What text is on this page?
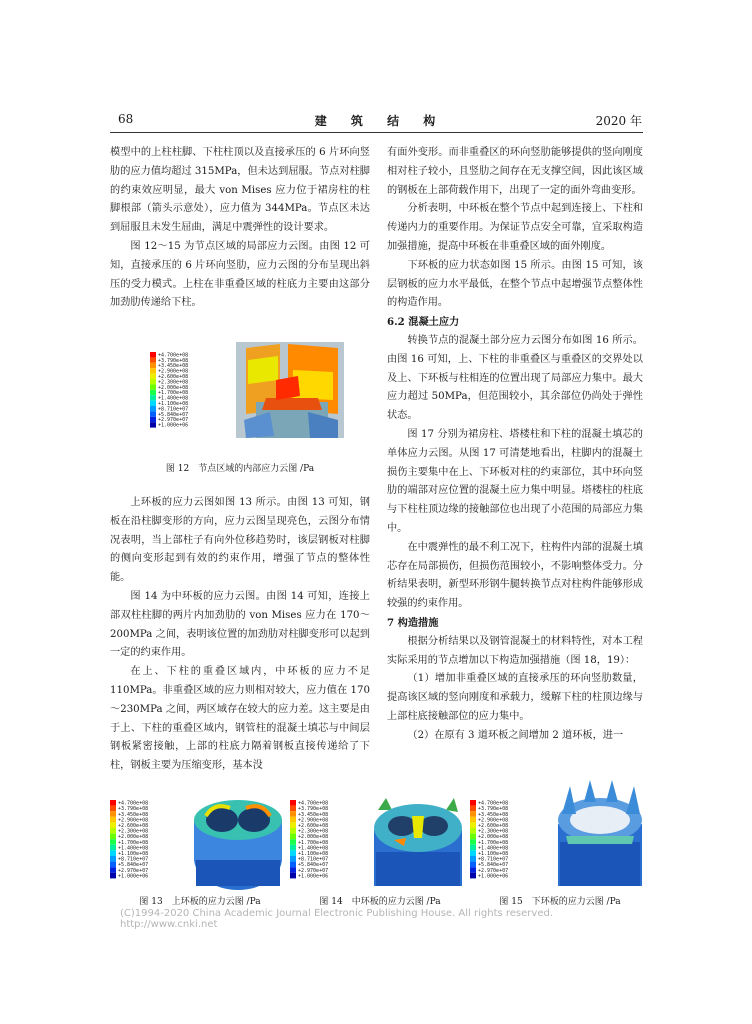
68	建 筑 结 构	2020 年

模型中的上柱柱脚、下柱柱顶以及直接承压的 6 片环向竖肋的应力值均超过 315MPa，但未达到屈服。节点对柱脚的约束效应明显，最大 von Mises 应力位于裙房柱的柱脚根部（箭头示意处），应力值为 344MPa。节点区未达到屈服且未发生屈曲，满足中震弹性的设计要求。

图 12～15 为节点区域的局部应力云图。由图 12 可知，直接承压的 6 片环向竖肋，应力云图的分布呈现出斜压的受力模式。上柱在非重叠区域的柱底力主要由这部分加劲肋传递给下柱。

+4.700e+08
+3.790e+08
+3.450e+08
+2.900e+08
+2.600e+08
+2.300e+08
+2.000e+08
+1.700e+08
+1.400e+08
+1.100e+08
+8.710e+07
+5.840e+07
+2.970e+07
+1.000e+06
图 12　节点区域的内部应力云图 /Pa

上环板的应力云图如图 13 所示。由图 13 可知，钢板在沿柱脚变形的方向，应力云图呈现亮色，云图分布情况表明，当上部柱子有向外位移趋势时，该层钢板对柱脚的侧向变形起到有效的约束作用，增强了节点的整体性能。

图 14 为中环板的应力云图。由图 14 可知，连接上部双柱柱脚的两片内加劲肋的 von Mises 应力在 170～200MPa 之间，表明该位置的加劲肋对柱脚变形可以起到一定的约束作用。

在上、下柱的重叠区域内，中环板的应力不足 110MPa。非重叠区域的应力则相对较大，应力值在 170～230MPa 之间，两区域存在较大的应力差。这主要是由于上、下柱的重叠区域内，钢管柱的混凝土填芯与中间层钢板紧密接触，上部的柱底力隔着钢板直接传递给了下柱，钢板主要为压缩变形，基本没

有面外变形。而非重叠区的环向竖肋能够提供的竖向刚度相对柱子较小，且竖肋之间存在无支撑空间，因此该区域的钢板在上部荷载作用下，出现了一定的面外弯曲变形。

分析表明，中环板在整个节点中起到连接上、下柱和传递内力的重要作用。为保证节点安全可靠，宜采取构造加强措施，提高中环板在非重叠区域的面外刚度。

下环板的应力状态如图 15 所示。由图 15 可知，该层钢板的应力水平最低，在整个节点中起增强节点整体性的构造作用。

6.2 混凝土应力

转换节点的混凝土部分应力云图分布如图 16 所示。由图 16 可知，上、下柱的非重叠区与重叠区的交界处以及上、下环板与柱相连的位置出现了局部应力集中。最大应力超过 50MPa，但范围较小，其余部位仍尚处于弹性状态。

图 17 分别为裙房柱、塔楼柱和下柱的混凝土填芯的单体应力云图。从图 17 可清楚地看出，柱脚内的混凝土损伤主要集中在上、下环板对柱的约束部位，其中环向竖肋的端部对应位置的混凝土应力集中明显。塔楼柱的柱底与下柱柱顶边缘的接触部位也出现了小范围的局部应力集中。

在中震弹性的最不利工况下，柱构件内部的混凝土填芯存在局部损伤，但损伤范围较小，不影响整体受力。分析结果表明，新型环形钢牛腿转换节点对柱构件能够形成较强的约束作用。

7 构造措施

根据分析结果以及钢管混凝土的材料特性，对本工程实际采用的节点增加以下构造加强措施（图 18，19）：

（1）增加非重叠区域的直接承压的环向竖肋数量，提高该区域的竖向刚度和承载力，缓解下柱的柱顶边缘与上部柱底接触部位的应力集中。

（2）在原有 3 道环板之间增加 2 道环板，进一

+4.700e+08
+3.790e+08
+3.450e+08
+2.900e+08
+2.600e+08
+2.300e+08
+2.000e+08
+1.700e+08
+1.400e+08
+1.100e+08
+8.710e+07
+5.840e+07
+2.970e+07
+1.000e+06
+4.700e+08
+3.790e+08
+3.450e+08
+2.900e+08
+2.600e+08
+2.300e+08
+2.000e+08
+1.700e+08
+1.400e+08
+1.100e+08
+8.710e+07
+5.840e+07
+2.970e+07
+1.000e+06
+4.700e+08
+3.790e+08
+3.450e+08
+2.900e+08
+2.600e+08
+2.300e+08
+2.000e+08
+1.700e+08
+1.400e+08
+1.100e+08
+8.710e+07
+5.840e+07
+2.970e+07
+1.000e+06
图 13　上环板的应力云图 /Pa	图 14　中环板的应力云图 /Pa	图 15　下环板的应力云图 /Pa
(C)1994-2020 China Academic Journal Electronic Publishing House. All rights reserved.　http://www.cnki.net
